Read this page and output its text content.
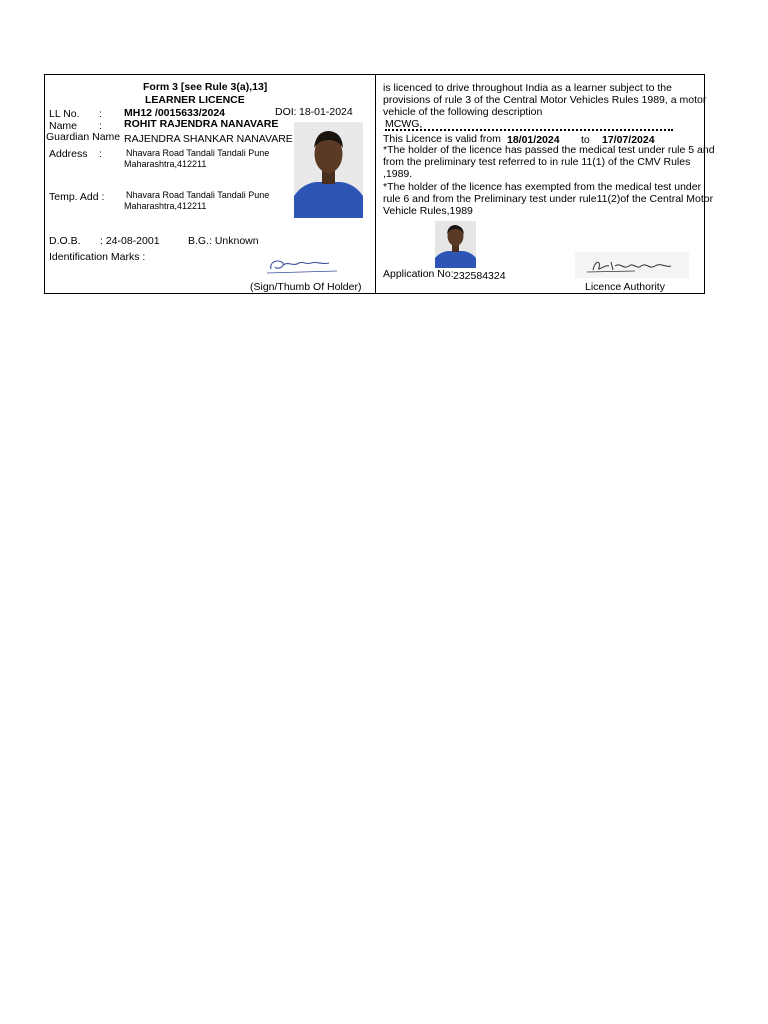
Form 3 [see Rule 3(a),13]
LEARNER LICENCE
LL No. : MH12 /0015633/2024	DOI: 18-01-2024
Name : ROHIT RAJENDRA NANAVARE
Guardian Name RAJENDRA SHANKAR NANAVARE
Address :	Nhavara Road Tandali Tandali Pune
Maharashtra,412211
Temp. Add : Nhavara Road Tandali Tandali Pune
Maharashtra,412211
D.O.B. : 24-08-2001	B.G. : Unknown
Identification Marks :
(Sign/Thumb Of Holder)
is licenced to drive throughout India as a learner subject to the
provisions of rule 3 of the Central Motor Vehicles Rules 1989, a motor
vehicle of the following description
MCWG,
This Licence is valid from 18/01/2024 to 17/07/2024
*The holder of the licence has passed the medical test under rule 5 and
from the preliminary test referred to in rule 11(1) of the CMV Rules
,1989.
*The holder of the licence has exempted from the medical test under
rule 6 and from the Preliminary test under rule11(2)of the Central Motor
Vehicle Rules,1989
Application No: 232584324
Licence Authority
